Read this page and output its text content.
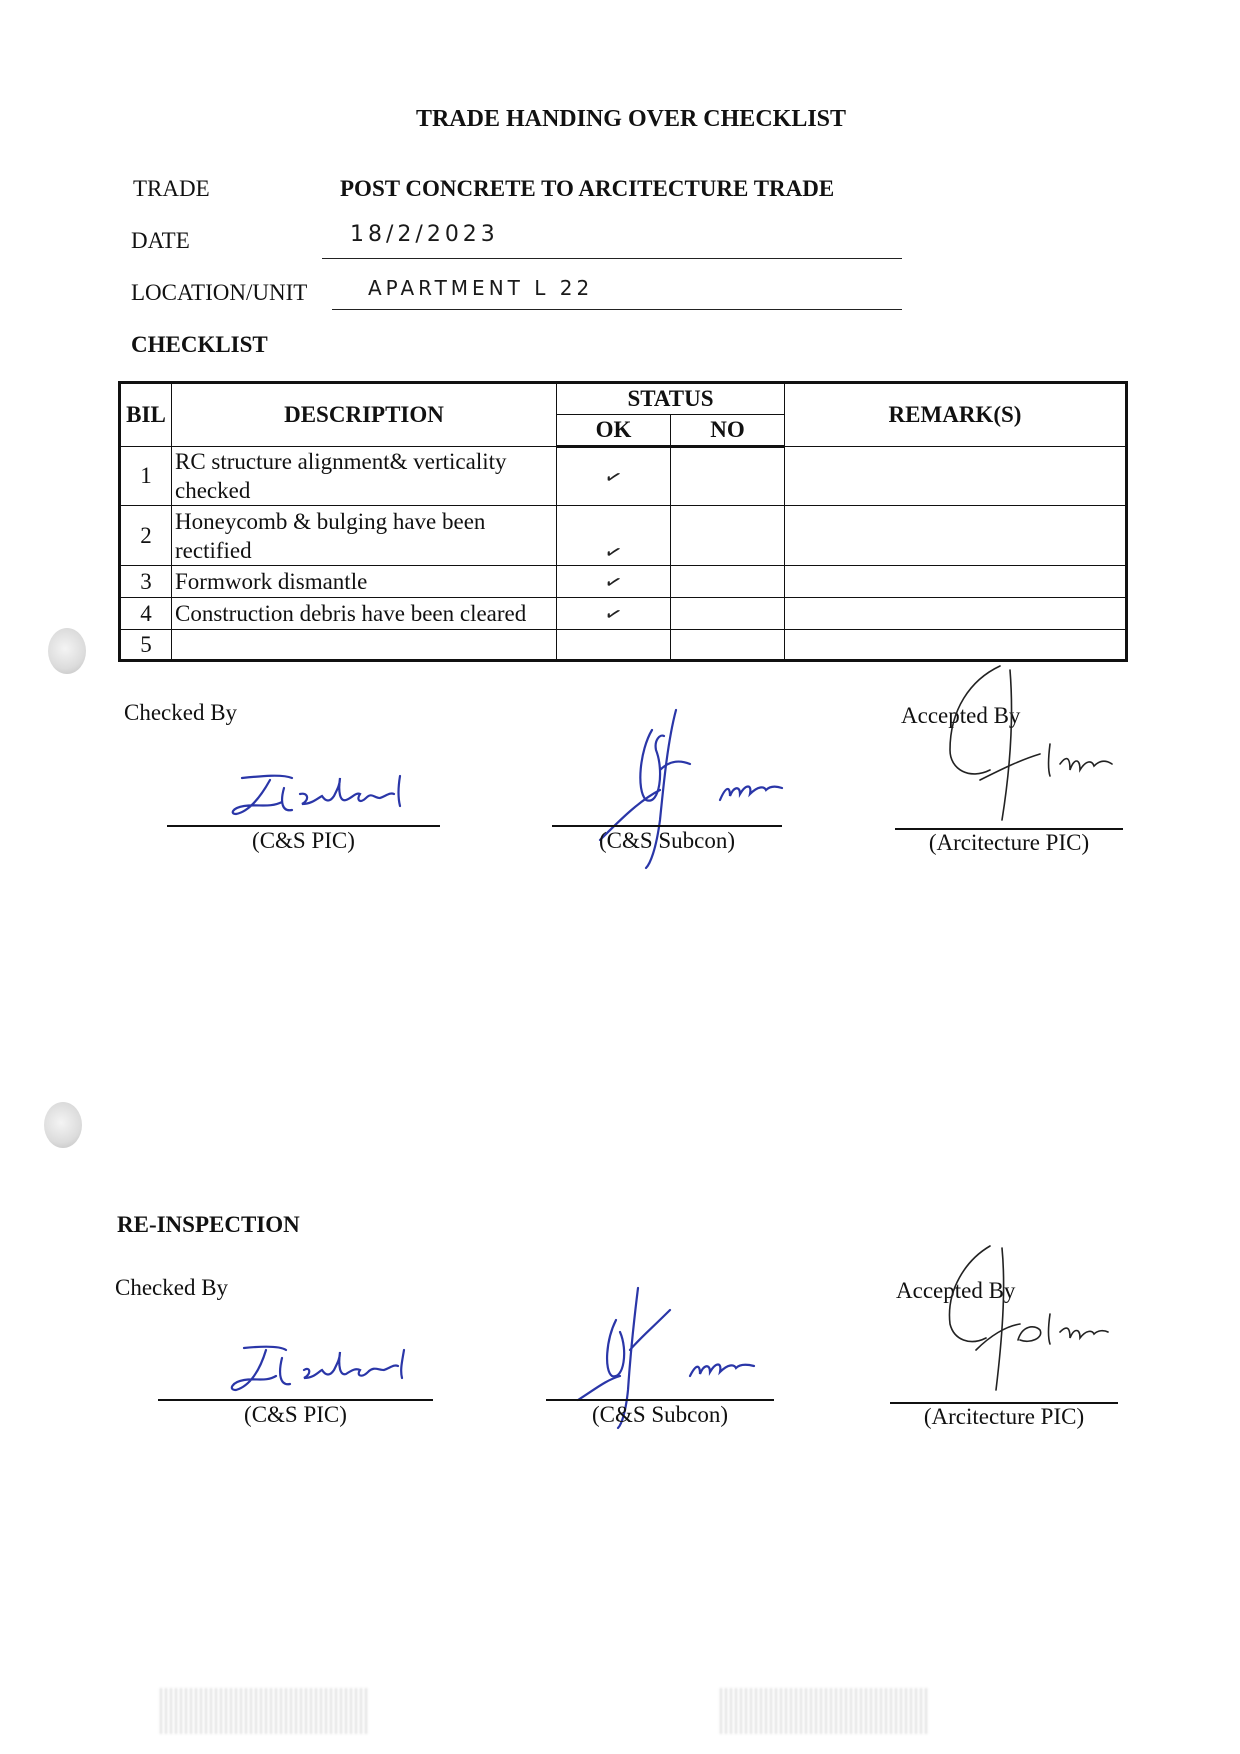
TRADE HANDING OVER CHECKLIST
TRADE	POST CONCRETE TO ARCITECTURE TRADE
DATE	18/2/2023
LOCATION/UNIT	APARTMENT L 22
CHECKLIST
BIL	DESCRIPTION	STATUS		REMARK(S)
		OK	NO	
1	RC structure alignment& verticality checked	✓		
2	Honeycomb & bulging have been rectified	✓		
3	Formwork dismantle	✓		
4	Construction debris have been cleared	✓		
5				
Checked By	Accepted By
(C&S PIC)	(C&S Subcon)	(Arcitecture PIC)
RE-INSPECTION
Checked By	Accepted By
(C&S PIC)	(C&S Subcon)	(Arcitecture PIC)
